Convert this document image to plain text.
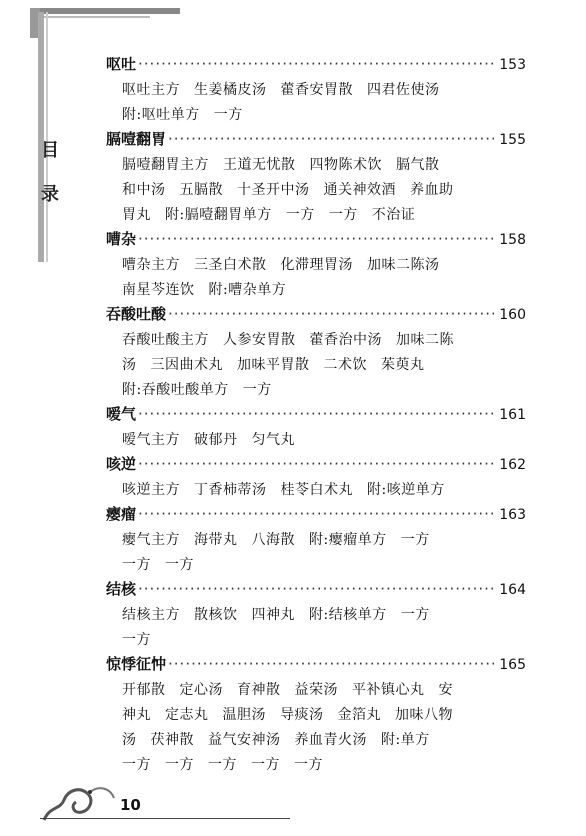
目
录
呕吐 ·····	153
呕吐主方 生姜橘皮汤 藿香安胃散 四君佐使汤
附:呕吐单方 一方
膈噎翻胃 ·····	155
膈噎翻胃主方 王道无忧散 四物陈术饮 膈气散
和中汤 五膈散 十圣开中汤 通关神效酒 养血助
胃丸 附:膈噎翻胃单方 一方 一方 不治证
嘈杂 ·····	158
嘈杂主方 三圣白术散 化滞理胃汤 加味二陈汤
南星芩连饮 附:嘈杂单方
吞酸吐酸 ·····	160
吞酸吐酸主方 人参安胃散 藿香治中汤 加味二陈
汤 三因曲术丸 加味平胃散 二术饮 茱萸丸
附:吞酸吐酸单方 一方
嗳气 ·····	161
嗳气主方 破郁丹 匀气丸
咳逆 ·····	162
咳逆主方 丁香柿蒂汤 桂苓白术丸 附:咳逆单方
瘿瘤 ·····	163
瘿气主方 海带丸 八海散 附:瘿瘤单方 一方
一方 一方
结核 ·····	164
结核主方 散核饮 四神丸 附:结核单方 一方
一方
惊悸征忡 ·····	165
开郁散 定心汤 育神散 益荣汤 平补镇心丸 安
神丸 定志丸 温胆汤 导痰汤 金箔丸 加味八物
汤 茯神散 益气安神汤 养血青火汤 附:单方
一方 一方 一方 一方 一方
10
